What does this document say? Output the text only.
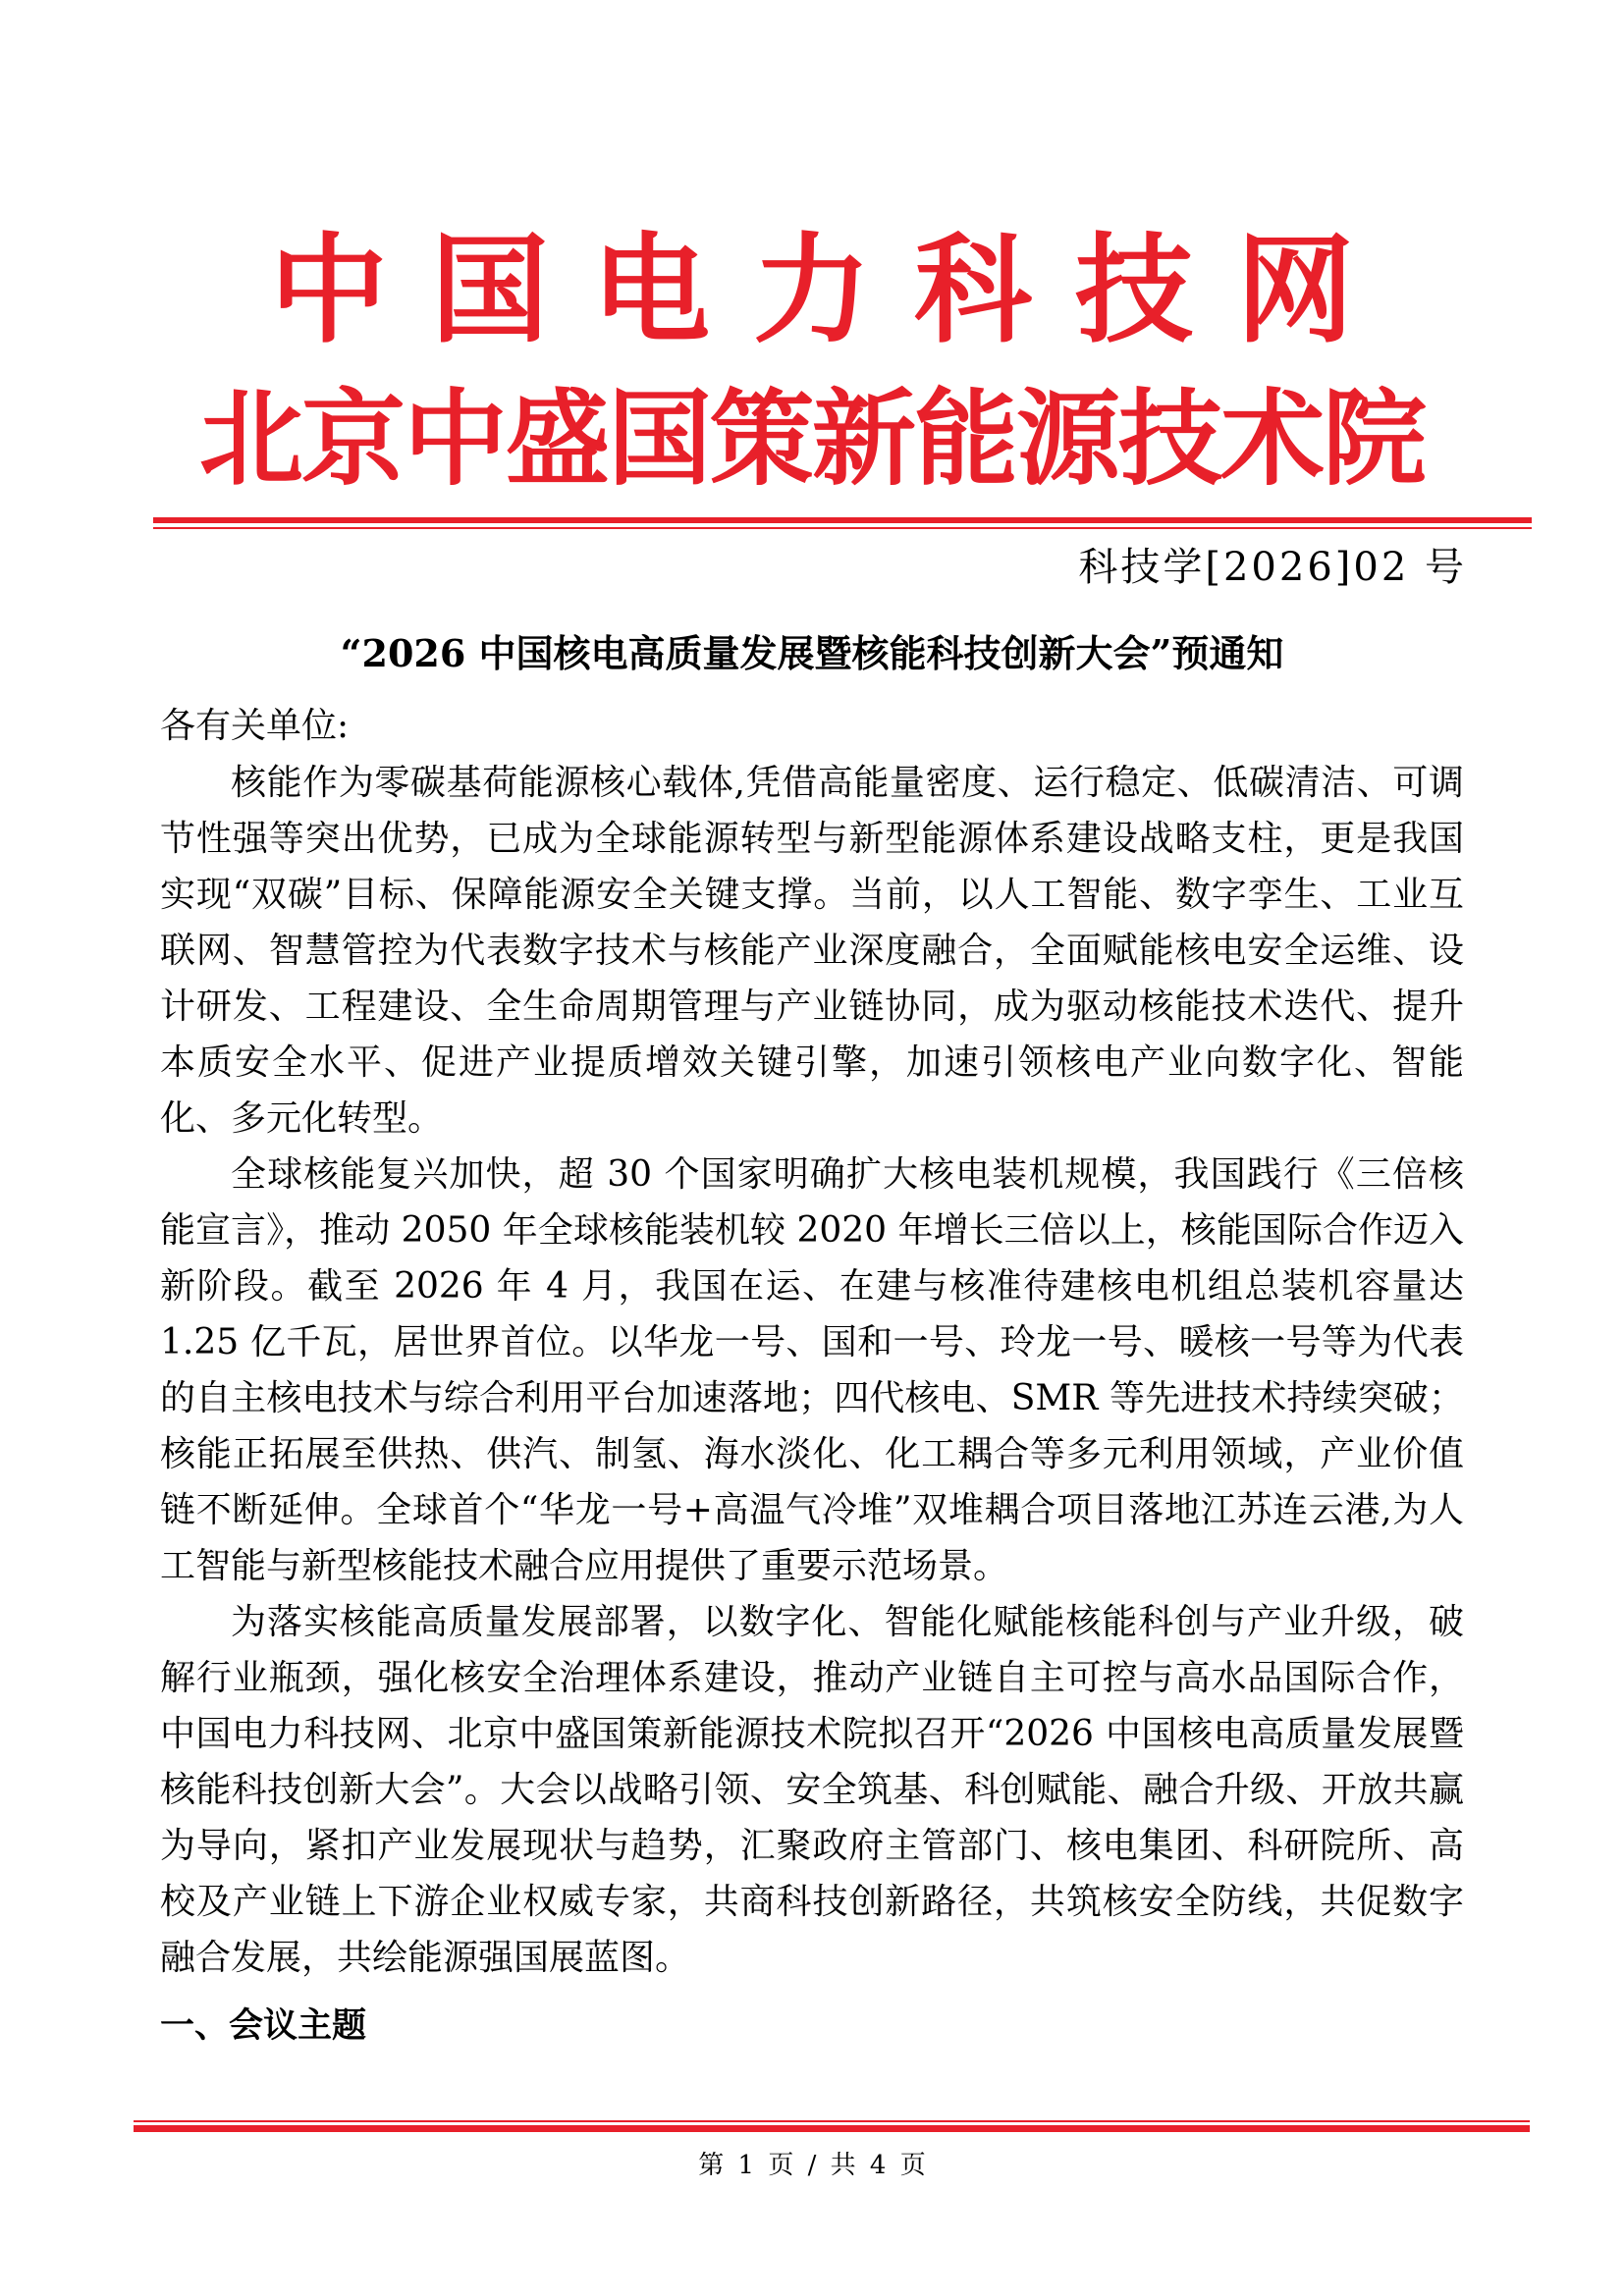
中国电力科技网
北京中盛国策新能源技术院
科技学[2026]02 号
“2026 中国核电高质量发展暨核能科技创新大会”预通知
各有关单位:

核能作为零碳基荷能源核心载体,凭借高能量密度、运行稳定、低碳清洁、可调节性强等突出优势，已成为全球能源转型与新型能源体系建设战略支柱，更是我国实现“双碳”目标、保障能源安全关键支撑。当前，以人工智能、数字孪生、工业互联网、智慧管控为代表数字技术与核能产业深度融合，全面赋能核电安全运维、设计研发、工程建设、全生命周期管理与产业链协同，成为驱动核能技术迭代、提升本质安全水平、促进产业提质增效关键引擎，加速引领核电产业向数字化、智能化、多元化转型。

全球核能复兴加快，超 30 个国家明确扩大核电装机规模，我国践行《三倍核能宣言》，推动 2050 年全球核能装机较 2020 年增长三倍以上，核能国际合作迈入新阶段。截至 2026 年 4 月，我国在运、在建与核准待建核电机组总装机容量达 1.25 亿千瓦，居世界首位。以华龙一号、国和一号、玲龙一号、暖核一号等为代表的自主核电技术与综合利用平台加速落地；四代核电、SMR 等先进技术持续突破；核能正拓展至供热、供汽、制氢、海水淡化、化工耦合等多元利用领域，产业价值链不断延伸。全球首个“华龙一号+高温气冷堆”双堆耦合项目落地江苏连云港,为人工智能与新型核能技术融合应用提供了重要示范场景。

为落实核能高质量发展部署，以数字化、智能化赋能核能科创与产业升级，破解行业瓶颈，强化核安全治理体系建设，推动产业链自主可控与高水品国际合作，中国电力科技网、北京中盛国策新能源技术院拟召开“2026 中国核电高质量发展暨核能科技创新大会”。大会以战略引领、安全筑基、科创赋能、融合升级、开放共赢为导向，紧扣产业发展现状与趋势，汇聚政府主管部门、核电集团、科研院所、高校及产业链上下游企业权威专家，共商科技创新路径，共筑核安全防线，共促数字融合发展，共绘能源强国展蓝图。

一、会议主题
第 1 页 / 共 4 页
